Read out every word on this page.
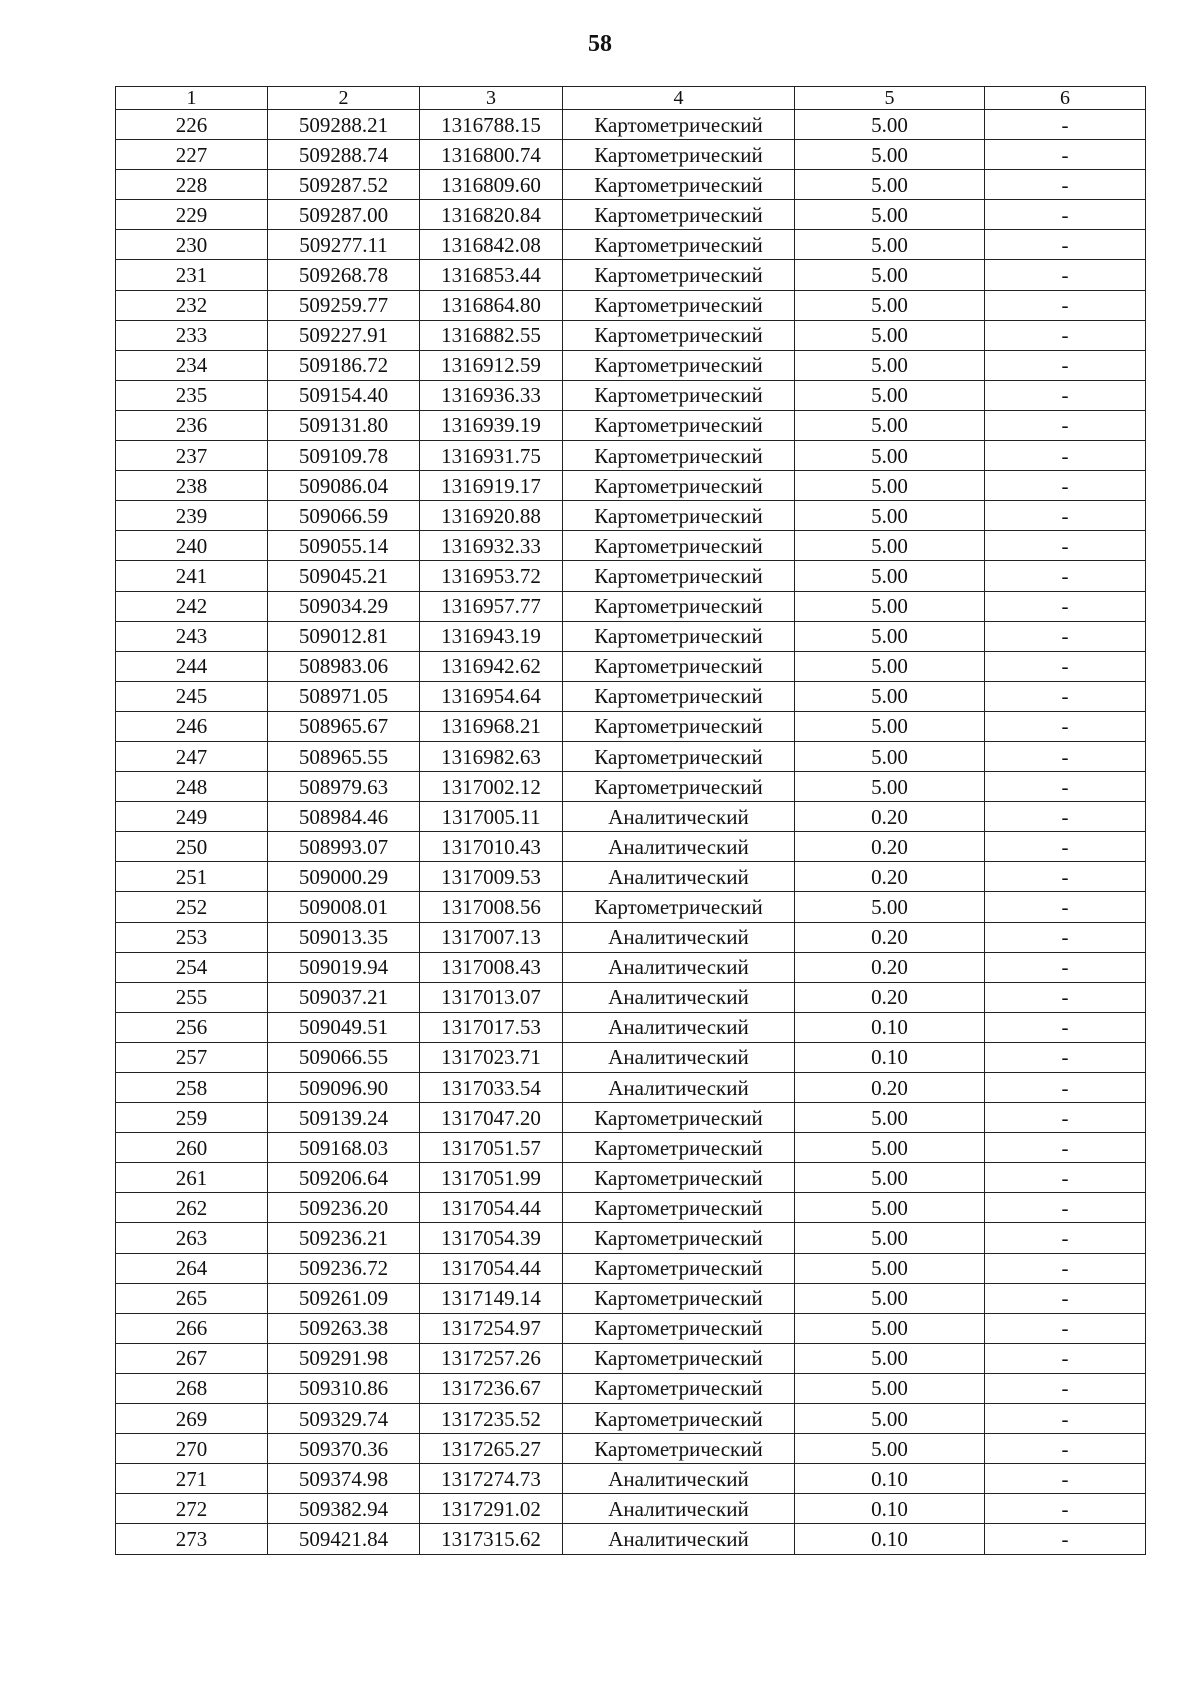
58
1	2	3	4	5	6
226	509288.21	1316788.15	Картометрический	5.00	-
227	509288.74	1316800.74	Картометрический	5.00	-
228	509287.52	1316809.60	Картометрический	5.00	-
229	509287.00	1316820.84	Картометрический	5.00	-
230	509277.11	1316842.08	Картометрический	5.00	-
231	509268.78	1316853.44	Картометрический	5.00	-
232	509259.77	1316864.80	Картометрический	5.00	-
233	509227.91	1316882.55	Картометрический	5.00	-
234	509186.72	1316912.59	Картометрический	5.00	-
235	509154.40	1316936.33	Картометрический	5.00	-
236	509131.80	1316939.19	Картометрический	5.00	-
237	509109.78	1316931.75	Картометрический	5.00	-
238	509086.04	1316919.17	Картометрический	5.00	-
239	509066.59	1316920.88	Картометрический	5.00	-
240	509055.14	1316932.33	Картометрический	5.00	-
241	509045.21	1316953.72	Картометрический	5.00	-
242	509034.29	1316957.77	Картометрический	5.00	-
243	509012.81	1316943.19	Картометрический	5.00	-
244	508983.06	1316942.62	Картометрический	5.00	-
245	508971.05	1316954.64	Картометрический	5.00	-
246	508965.67	1316968.21	Картометрический	5.00	-
247	508965.55	1316982.63	Картометрический	5.00	-
248	508979.63	1317002.12	Картометрический	5.00	-
249	508984.46	1317005.11	Аналитический	0.20	-
250	508993.07	1317010.43	Аналитический	0.20	-
251	509000.29	1317009.53	Аналитический	0.20	-
252	509008.01	1317008.56	Картометрический	5.00	-
253	509013.35	1317007.13	Аналитический	0.20	-
254	509019.94	1317008.43	Аналитический	0.20	-
255	509037.21	1317013.07	Аналитический	0.20	-
256	509049.51	1317017.53	Аналитический	0.10	-
257	509066.55	1317023.71	Аналитический	0.10	-
258	509096.90	1317033.54	Аналитический	0.20	-
259	509139.24	1317047.20	Картометрический	5.00	-
260	509168.03	1317051.57	Картометрический	5.00	-
261	509206.64	1317051.99	Картометрический	5.00	-
262	509236.20	1317054.44	Картометрический	5.00	-
263	509236.21	1317054.39	Картометрический	5.00	-
264	509236.72	1317054.44	Картометрический	5.00	-
265	509261.09	1317149.14	Картометрический	5.00	-
266	509263.38	1317254.97	Картометрический	5.00	-
267	509291.98	1317257.26	Картометрический	5.00	-
268	509310.86	1317236.67	Картометрический	5.00	-
269	509329.74	1317235.52	Картометрический	5.00	-
270	509370.36	1317265.27	Картометрический	5.00	-
271	509374.98	1317274.73	Аналитический	0.10	-
272	509382.94	1317291.02	Аналитический	0.10	-
273	509421.84	1317315.62	Аналитический	0.10	-
